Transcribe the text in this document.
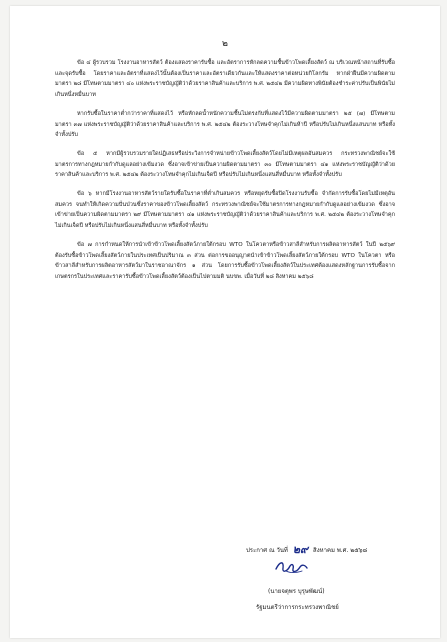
๒

ข้อ ๔ ผู้รวบรวม โรงงานอาหารสัตว์ ต้องแสดงราคารับซื้อ และอัตราการหักลดความชื้นข้าวโพดเลี้ยงสัตว์ ณ บริเวณหน้าสถานที่รับซื้อและจุดรับซื้อ โดยราคาและอัตราที่แสดงไว้นั้นต้องเป็นราคาและอัตราเดียวกันและให้แสดงราคาต่อหน่วยกิโลกรัม หากฝ่าฝืนมีความผิดตามมาตรา ๒๘ มีโทษตามมาตรา ๔๐ แห่งพระราชบัญญัติว่าด้วยราคาสินค้าและบริการ พ.ศ. ๒๕๔๒ มีความผิดทางพินัยต้องชำระค่าปรับเป็นพินัยไม่เกินหนึ่งหมื่นบาท

หากรับซื้อในราคาต่ำกว่าราคาที่แสดงไว้ หรือหักลดน้ำหนักความชื้นไม่ตรงกับที่แสดงไว้มีความผิดตามมาตรา ๒๕ (๗) มีโทษตามมาตรา ๓๗ แห่งพระราชบัญญัติว่าด้วยราคาสินค้าและบริการ พ.ศ. ๒๕๔๒ ต้องระวางโทษจำคุกไม่เกินห้าปี หรือปรับไม่เกินหนึ่งแสนบาท หรือทั้งจำทั้งปรับ

ข้อ ๕ หากมีผู้รวบรวมรายใดปฏิเสธหรือประวิงการจำหน่ายข้าวโพดเลี้ยงสัตว์โดยไม่มีเหตุผลอันสมควร กระทรวงพาณิชย์จะใช้มาตรการทางกฎหมายกำกับดูแลอย่างเข้มงวด ซึ่งอาจเข้าข่ายเป็นความผิดตามมาตรา ๓๐ มีโทษตามมาตรา ๔๑ แห่งพระราชบัญญัติว่าด้วยราคาสินค้าและบริการ พ.ศ. ๒๕๔๒ ต้องระวางโทษจำคุกไม่เกินเจ็ดปี หรือปรับไม่เกินหนึ่งแสนสี่หมื่นบาท หรือทั้งจำทั้งปรับ

ข้อ ๖ หากมีโรงงานอาหารสัตว์รายใดรับซื้อในราคาที่ต่ำเกินสมควร หรือหยุดรับซื้อปิดโรงงานรับซื้อ จำกัดการรับซื้อโดยไม่มีเหตุอันสมควร จนทำให้เกิดความปั่นป่วนซึ่งราคาของข้าวโพดเลี้ยงสัตว์ กระทรวงพาณิชย์จะใช้มาตรการทางกฎหมายกำกับดูแลอย่างเข้มงวด ซึ่งอาจเข้าข่ายเป็นความผิดตามมาตรา ๒๙ มีโทษตามมาตรา ๔๑ แห่งพระราชบัญญัติว่าด้วยราคาสินค้าและบริการ พ.ศ. ๒๕๔๒ ต้องระวางโทษจำคุกไม่เกินเจ็ดปี หรือปรับไม่เกินหนึ่งแสนสี่หมื่นบาท หรือทั้งจำทั้งปรับ

ข้อ ๗ การกำหนดให้การนำเข้าข้าวโพดเลี้ยงสัตว์ภายใต้กรอบ WTO ในโควตาหรือข้าวสาลีสำหรับการผลิตอาหารสัตว์ ในปี ๒๕๖๙ ต้องรับซื้อข้าวโพดเลี้ยงสัตว์ภายในประเทศเป็นปริมาณ ๓ ส่วน ต่อการขออนุญาตนำเข้าข้าวโพดเลี้ยงสัตว์ภายใต้กรอบ WTO ในโควตา หรือข้าวสาลีสำหรับการผลิตอาหารสัตว์มาในราชอาณาจักร ๑ ส่วน โดยการรับซื้อข้าวโพดเลี้ยงสัตว์ในประเทศต้องแสดงหลักฐานการรับซื้อจากเกษตรกรในประเทศและราคารับซื้อข้าวโพดเลี้ยงสัตว์ต้องเป็นไปตามมติ นบขพ. เมื่อวันที่ ๒๘ สิงหาคม ๒๕๖๘

ประกาศ ณ วันที่ ๒๙ สิงหาคม พ.ศ. ๒๕๖๘
(นายจตุพร บุรุษพัฒน์)
รัฐมนตรีว่าการกระทรวงพาณิชย์
